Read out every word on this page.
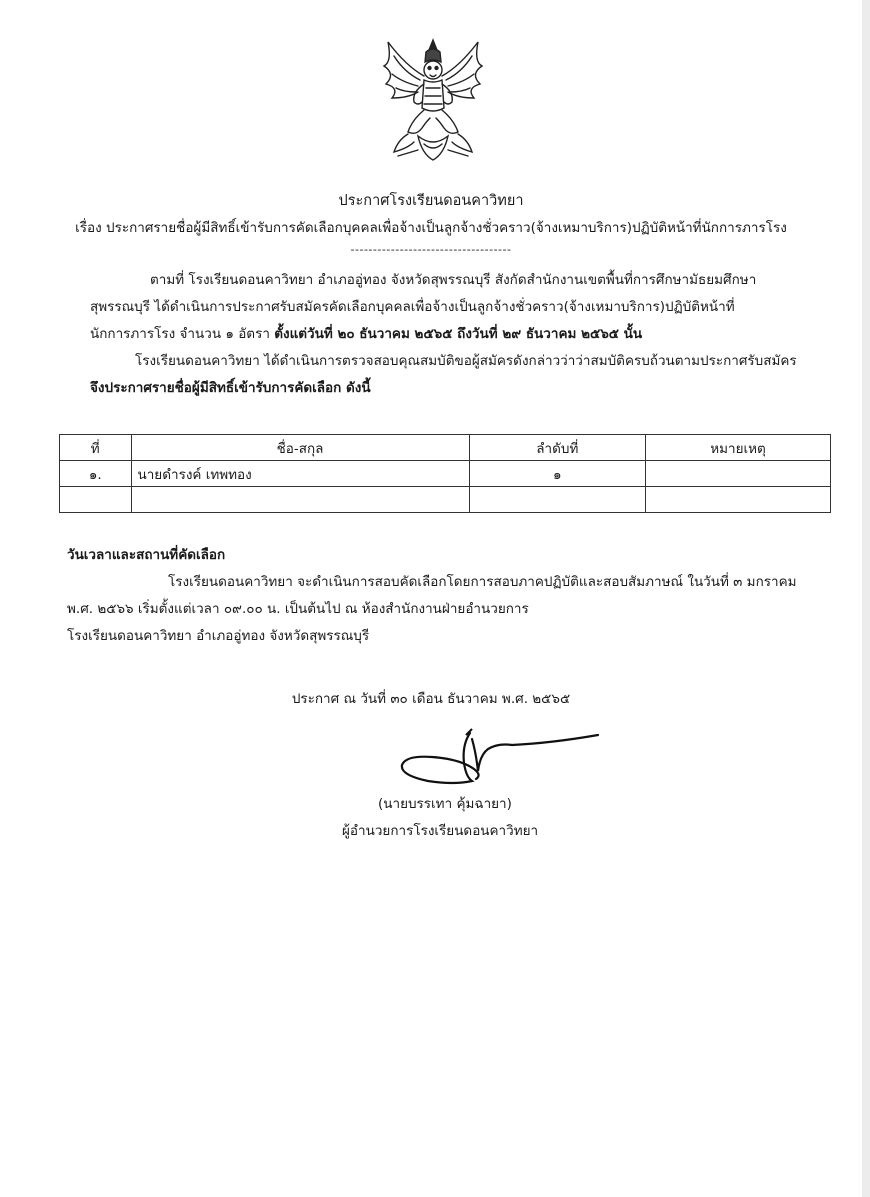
ประกาศโรงเรียนดอนคาวิทยา
เรื่อง ประกาศรายชื่อผู้มีสิทธิ์เข้ารับการคัดเลือกบุคคลเพื่อจ้างเป็นลูกจ้างชั่วคราว(จ้างเหมาบริการ)ปฏิบัติหน้าที่นักการภารโรง
------------------------------------
ตามที่ โรงเรียนดอนคาวิทยา อำเภออู่ทอง จังหวัดสุพรรณบุรี สังกัดสำนักงานเขตพื้นที่การศึกษามัธยมศึกษา
สุพรรณบุรี ได้ดำเนินการประกาศรับสมัครคัดเลือกบุคคลเพื่อจ้างเป็นลูกจ้างชั่วคราว(จ้างเหมาบริการ)ปฏิบัติหน้าที่
นักการภารโรง จำนวน ๑ อัตรา ตั้งแต่วันที่ ๒๐ ธันวาคม ๒๕๖๕ ถึงวันที่ ๒๙ ธันวาคม ๒๕๖๕ นั้น
โรงเรียนดอนคาวิทยา ได้ดำเนินการตรวจสอบคุณสมบัติขอผู้สมัครดังกล่าวว่าว่าสมบัติครบถ้วนตามประกาศรับสมัคร
จึงประกาศรายชื่อผู้มีสิทธิ์เข้ารับการคัดเลือก ดังนี้
ที่	ชื่อ-สกุล	ลำดับที่	หมายเหตุ
๑.	นายดำรงค์ เทพทอง	๑	

วันเวลาและสถานที่คัดเลือก
โรงเรียนดอนคาวิทยา จะดำเนินการสอบคัดเลือกโดยการสอบภาคปฏิบัติและสอบสัมภาษณ์ ในวันที่ ๓ มกราคม
พ.ศ. ๒๕๖๖ เริ่มตั้งแต่เวลา ๐๙.๐๐ น. เป็นต้นไป ณ ห้องสำนักงานฝ่ายอำนวยการ
โรงเรียนดอนคาวิทยา อำเภออู่ทอง จังหวัดสุพรรณบุรี
ประกาศ ณ วันที่ ๓๐ เดือน ธันวาคม พ.ศ. ๒๕๖๕
(นายบรรเทา คุ้มฉายา)
ผู้อำนวยการโรงเรียนดอนคาวิทยา
